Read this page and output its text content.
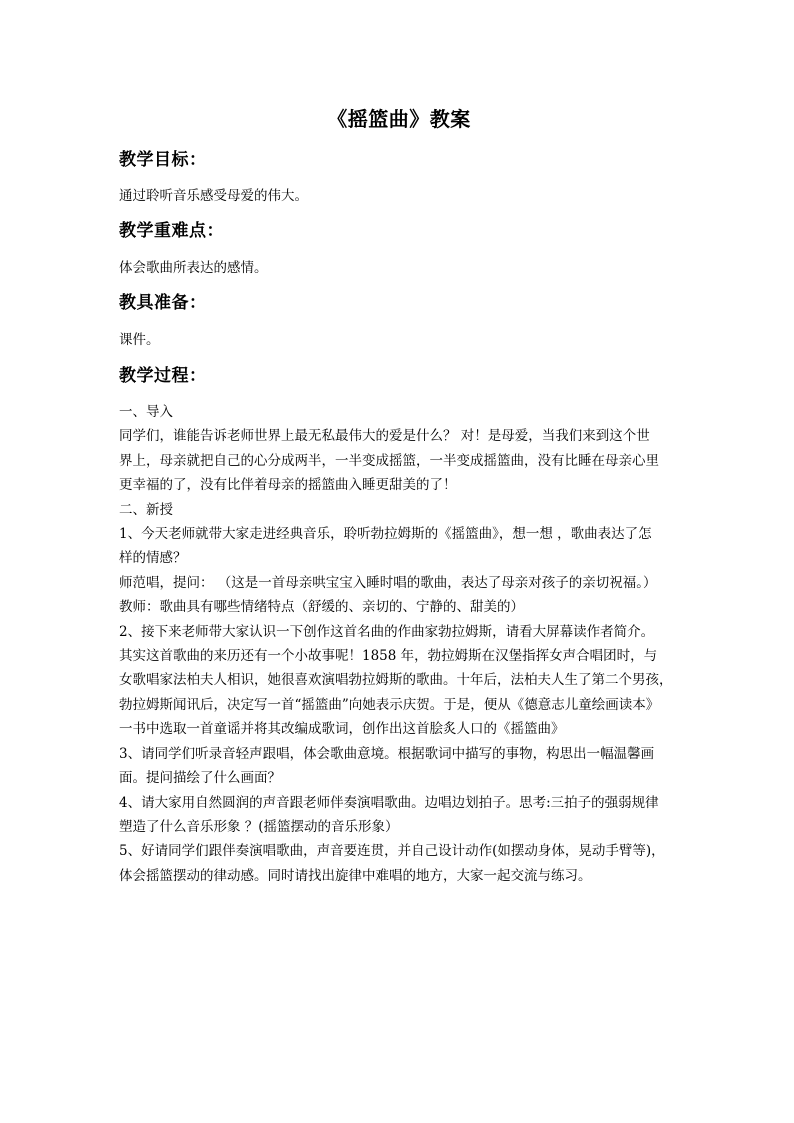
《摇篮曲》教案
教学目标：
通过聆听音乐感受母爱的伟大。
教学重难点：
体会歌曲所表达的感情。
教具准备：
课件。
教学过程：
一、导入
同学们，谁能告诉老师世界上最无私最伟大的爱是什么？ 对！是母爱，当我们来到这个世
界上，母亲就把自己的心分成两半，一半变成摇篮，一半变成摇篮曲，没有比睡在母亲心里
更幸福的了，没有比伴着母亲的摇篮曲入睡更甜美的了！
二、新授
1、今天老师就带大家走进经典音乐，聆听勃拉姆斯的《摇篮曲》，想一想 ，歌曲表达了怎
样的情感？
师范唱，提问： （这是一首母亲哄宝宝入睡时唱的歌曲，表达了母亲对孩子的亲切祝福。）
教师：歌曲具有哪些情绪特点（舒缓的、亲切的、宁静的、甜美的）
2、接下来老师带大家认识一下创作这首名曲的作曲家勃拉姆斯，请看大屏幕读作者简介。
其实这首歌曲的来历还有一个小故事呢！1858 年，勃拉姆斯在汉堡指挥女声合唱团时，与
女歌唱家法柏夫人相识，她很喜欢演唱勃拉姆斯的歌曲。十年后，法柏夫人生了第二个男孩，
勃拉姆斯闻讯后，决定写一首“摇篮曲”向她表示庆贺。于是，便从《德意志儿童绘画读本》
一书中选取一首童谣并将其改编成歌词，创作出这首脍炙人口的《摇篮曲》
3、请同学们听录音轻声跟唱，体会歌曲意境。根据歌词中描写的事物，构思出一幅温馨画
面。提问描绘了什么画面？
4、请大家用自然圆润的声音跟老师伴奏演唱歌曲。边唱边划拍子。思考:三拍子的强弱规律
塑造了什么音乐形象 ？(摇篮摆动的音乐形象）
5、好请同学们跟伴奏演唱歌曲，声音要连贯，并自己设计动作(如摆动身体，晃动手臂等)，
体会摇篮摆动的律动感。同时请找出旋律中难唱的地方，大家一起交流与练习。
